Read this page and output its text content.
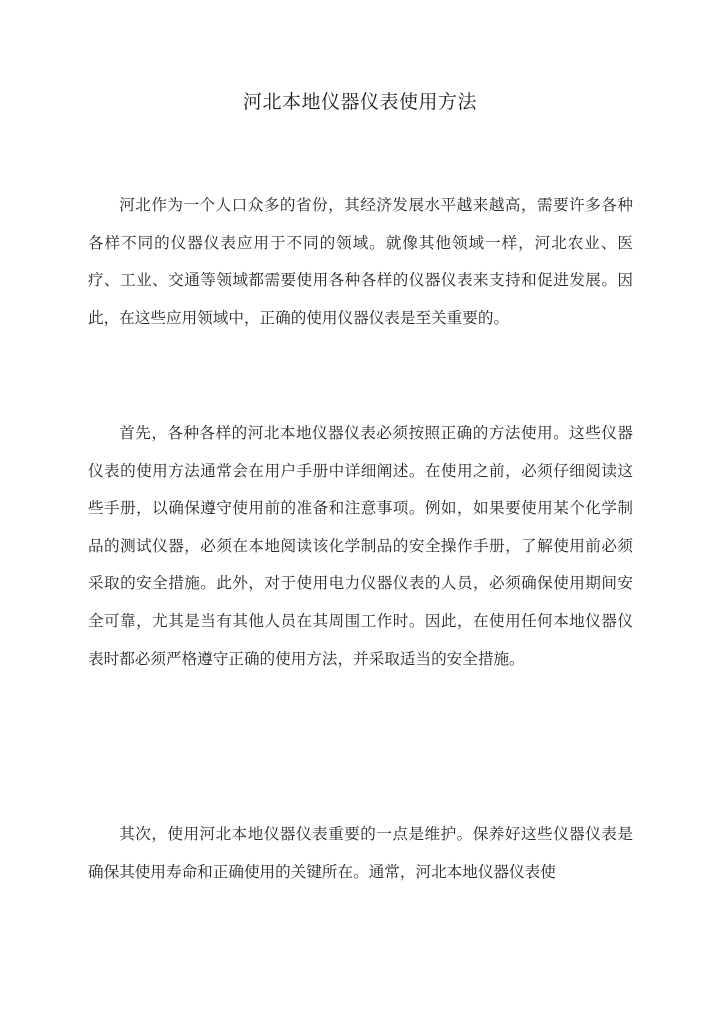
河北本地仪器仪表使用方法

河北作为一个人口众多的省份，其经济发展水平越来越高，需要许多各种各样不同的仪器仪表应用于不同的领域。就像其他领域一样，河北农业、医疗、工业、交通等领域都需要使用各种各样的仪器仪表来支持和促进发展。因此，在这些应用领域中，正确的使用仪器仪表是至关重要的。

首先，各种各样的河北本地仪器仪表必须按照正确的方法使用。这些仪器仪表的使用方法通常会在用户手册中详细阐述。在使用之前，必须仔细阅读这些手册，以确保遵守使用前的准备和注意事项。例如，如果要使用某个化学制品的测试仪器，必须在本地阅读该化学制品的安全操作手册，了解使用前必须采取的安全措施。此外，对于使用电力仪器仪表的人员，必须确保使用期间安全可靠，尤其是当有其他人员在其周围工作时。因此，在使用任何本地仪器仪表时都必须严格遵守正确的使用方法，并采取适当的安全措施。

其次，使用河北本地仪器仪表重要的一点是维护。保养好这些仪器仪表是确保其使用寿命和正确使用的关键所在。通常，河北本地仪器仪表使
